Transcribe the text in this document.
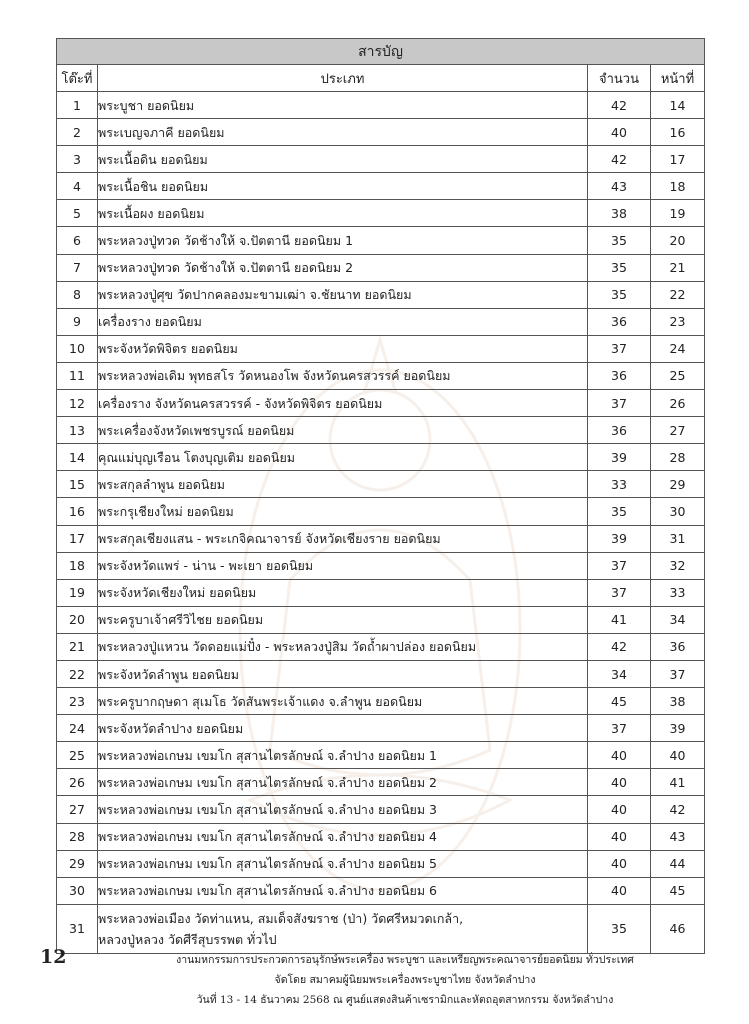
สารบัญ			
โต๊ะที่	ประเภท	จำนวน	หน้าที่
1	พระบูชา ยอดนิยม	42	14
2	พระเบญจภาคี ยอดนิยม	40	16
3	พระเนื้อดิน ยอดนิยม	42	17
4	พระเนื้อชิน ยอดนิยม	43	18
5	พระเนื้อผง ยอดนิยม	38	19
6	พระหลวงปู่ทวด วัดช้างให้ จ.ปัตตานี ยอดนิยม 1	35	20
7	พระหลวงปู่ทวด วัดช้างให้ จ.ปัตตานี ยอดนิยม 2	35	21
8	พระหลวงปู่ศุข วัดปากคลองมะขามเฒ่า จ.ชัยนาท ยอดนิยม	35	22
9	เครื่องราง ยอดนิยม	36	23
10	พระจังหวัดพิจิตร ยอดนิยม	37	24
11	พระหลวงพ่อเดิม พุทธสโร วัดหนองโพ จังหวัดนครสวรรค์ ยอดนิยม	36	25
12	เครื่องราง จังหวัดนครสวรรค์ - จังหวัดพิจิตร ยอดนิยม	37	26
13	พระเครื่องจังหวัดเพชรบูรณ์ ยอดนิยม	36	27
14	คุณแม่บุญเรือน โตงบุญเติม ยอดนิยม	39	28
15	พระสกุลลำพูน ยอดนิยม	33	29
16	พระกรุเชียงใหม่ ยอดนิยม	35	30
17	พระสกุลเชียงแสน - พระเกจิคณาจารย์ จังหวัดเชียงราย ยอดนิยม	39	31
18	พระจังหวัดแพร่ - น่าน - พะเยา ยอดนิยม	37	32
19	พระจังหวัดเชียงใหม่ ยอดนิยม	37	33
20	พระครูบาเจ้าศรีวิไชย ยอดนิยม	41	34
21	พระหลวงปู่แหวน วัดดอยแม่ปั๋ง - พระหลวงปู่สิม วัดถ้ำผาปล่อง ยอดนิยม	42	36
22	พระจังหวัดลำพูน ยอดนิยม	34	37
23	พระครูบากฤษดา สุเมโธ วัดสันพระเจ้าแดง จ.ลำพูน ยอดนิยม	45	38
24	พระจังหวัดลำปาง ยอดนิยม	37	39
25	พระหลวงพ่อเกษม เขมโก สุสานไตรลักษณ์ จ.ลำปาง ยอดนิยม 1	40	40
26	พระหลวงพ่อเกษม เขมโก สุสานไตรลักษณ์ จ.ลำปาง ยอดนิยม 2	40	41
27	พระหลวงพ่อเกษม เขมโก สุสานไตรลักษณ์ จ.ลำปาง ยอดนิยม 3	40	42
28	พระหลวงพ่อเกษม เขมโก สุสานไตรลักษณ์ จ.ลำปาง ยอดนิยม 4	40	43
29	พระหลวงพ่อเกษม เขมโก สุสานไตรลักษณ์ จ.ลำปาง ยอดนิยม 5	40	44
30	พระหลวงพ่อเกษม เขมโก สุสานไตรลักษณ์ จ.ลำปาง ยอดนิยม 6	40	45
31	พระหลวงพ่อเมือง วัดท่าแหน, สมเด็จสังฆราช (ป่า) วัดศรีหมวดเกล้า,
หลวงปู่หลวง วัดศีรีสุบรรพต ทั่วไป	35	46
12	งานมหกรรมการประกวดการอนุรักษ์พระเครื่อง พระบูชา และเหรียญพระคณาจารย์ยอดนิยม ทั่วประเทศ
จัดโดย สมาคมผู้นิยมพระเครื่องพระบูชาไทย จังหวัดลำปาง
วันที่ 13 - 14 ธันวาคม 2568 ณ ศูนย์แสดงสินค้าเซรามิกและหัตถอุตสาหกรรม จังหวัดลำปาง
